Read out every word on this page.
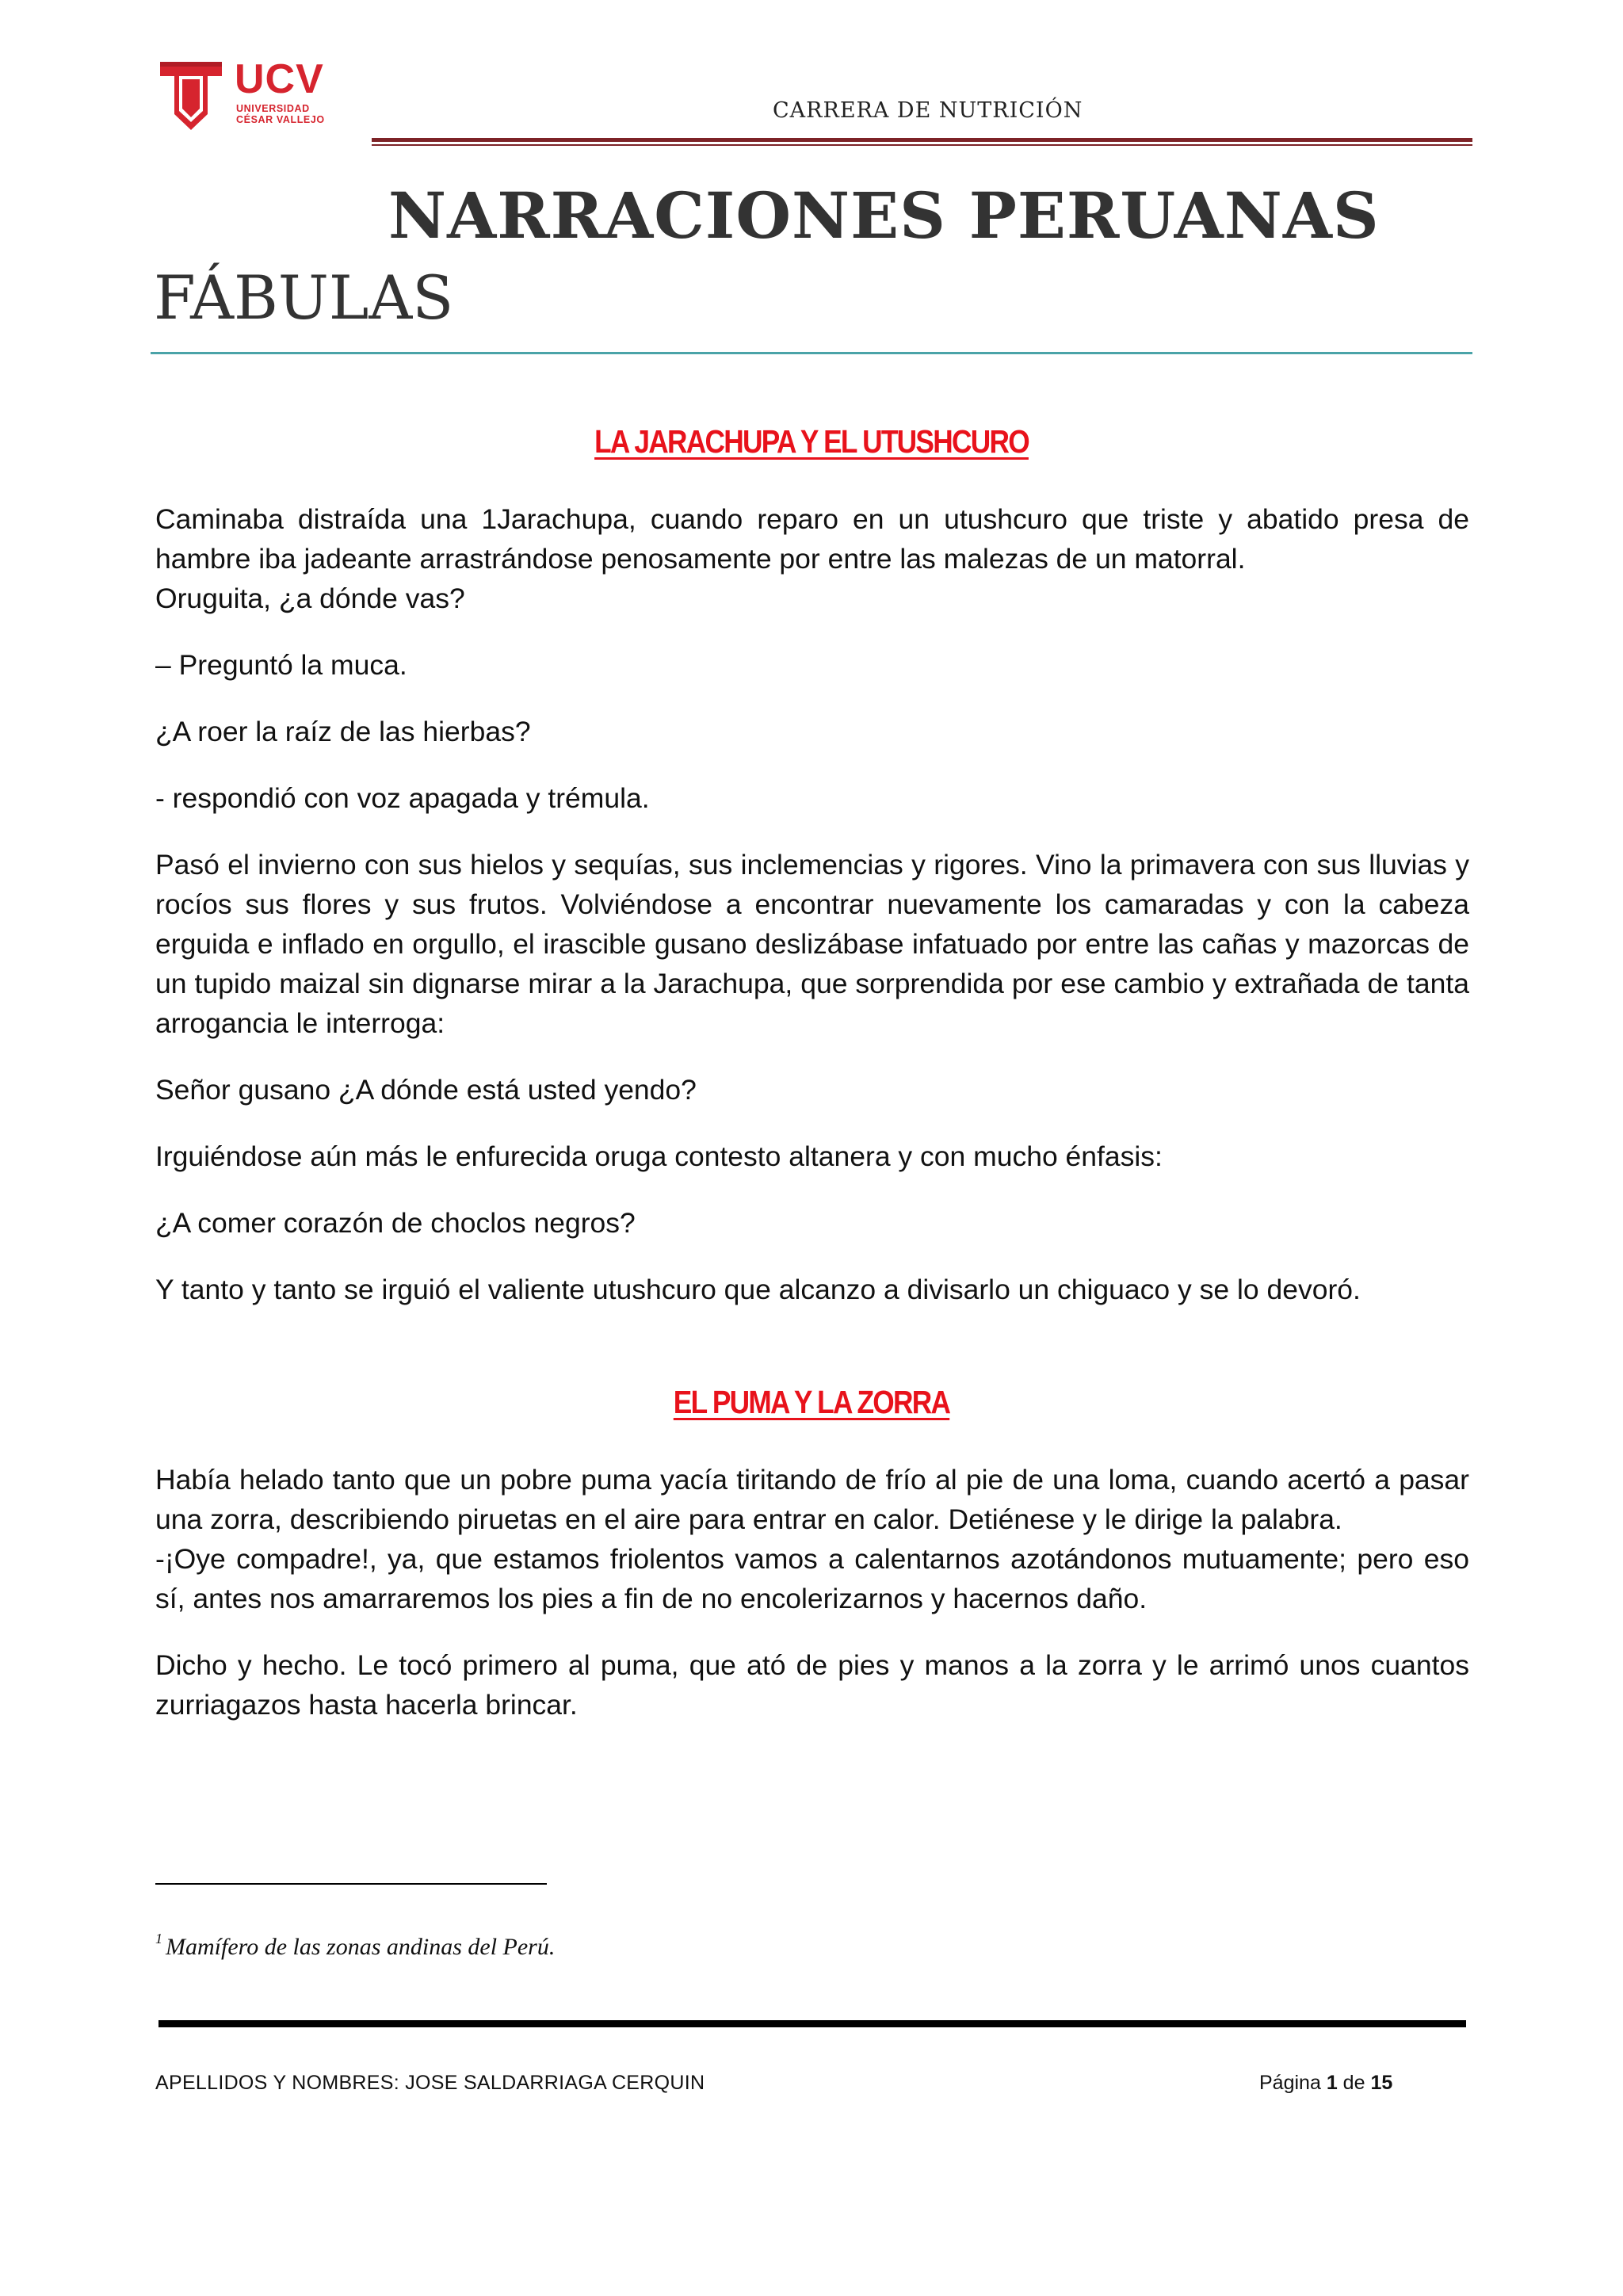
UCV
UNIVERSIDAD
CÉSAR VALLEJO	CARRERA DE NUTRICIÓN
NARRACIONES PERUANAS
FÁBULAS
LA JARACHUPA Y EL UTUSHCURO

Caminaba distraída una 1Jarachupa, cuando reparo en un utushcuro que triste y abatido presa de hambre iba jadeante arrastrándose penosamente por entre las malezas de un matorral.

Oruguita, ¿a dónde vas?

– Preguntó la muca.

¿A roer la raíz de las hierbas?

- respondió con voz apagada y trémula.

Pasó el invierno con sus hielos y sequías, sus inclemencias y rigores. Vino la primavera con sus lluvias y rocíos sus flores y sus frutos. Volviéndose a encontrar nuevamente los camaradas y con la cabeza erguida e inflado en orgullo, el irascible gusano deslizábase infatuado por entre las cañas y mazorcas de un tupido maizal sin dignarse mirar a la Jarachupa, que sorprendida por ese cambio y extrañada de tanta arrogancia le interroga:

Señor gusano ¿A dónde está usted yendo?

Irguiéndose aún más le enfurecida oruga contesto altanera y con mucho énfasis:

¿A comer corazón de choclos negros?

Y tanto y tanto se irguió el valiente utushcuro que alcanzo a divisarlo un chiguaco y se lo devoró.

EL PUMA Y LA ZORRA

Había helado tanto que un pobre puma yacía tiritando de frío al pie de una loma, cuando acertó a pasar una zorra, describiendo piruetas en el aire para entrar en calor. Detiénese y le dirige la palabra.

-¡Oye compadre!, ya, que estamos friolentos vamos a calentarnos azotándonos mutuamente; pero eso sí, antes nos amarraremos los pies a fin de no encolerizarnos y hacernos daño.

Dicho y hecho. Le tocó primero al puma, que ató de pies y manos a la zorra y le arrimó unos cuantos zurriagazos hasta hacerla brincar.

$^1$ Mamífero de las zonas andinas del Perú.
APELLIDOS Y NOMBRES: JOSE SALDARRIAGA CERQUIN	Página 1 de 15
